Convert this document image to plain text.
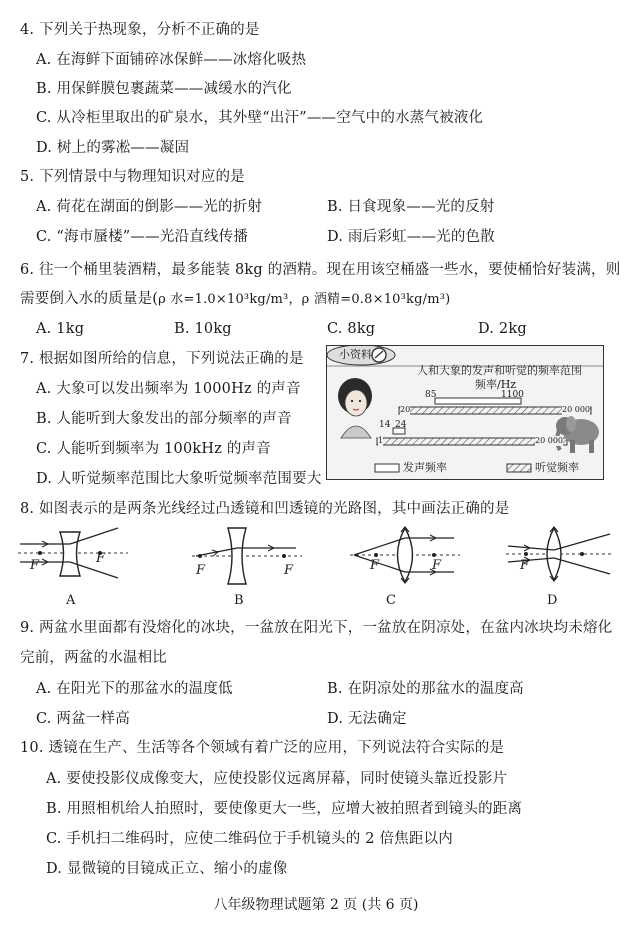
4. 下列关于热现象，分析不正确的是
A. 在海鲜下面铺碎冰保鲜——冰熔化吸热
B. 用保鲜膜包裹蔬菜——减缓水的汽化
C. 从冷柜里取出的矿泉水，其外壁“出汗”——空气中的水蒸气被液化
D. 树上的雾凇——凝固
5. 下列情景中与物理知识对应的是
A. 荷花在湖面的倒影——光的折射	B. 日食现象——光的反射
C. “海市蜃楼”——光沿直线传播	D. 雨后彩虹——光的色散
6. 往一个桶里装酒精，最多能装 8kg 的酒精。现在用该空桶盛一些水，要使桶恰好装满，则
需要倒入水的质量是(ρ 水=1.0×10³kg/m³，ρ 酒精=0.8×10³kg/m³)
A. 1kg	B. 10kg	C. 8kg	D. 2kg
7. 根据如图所给的信息，下列说法正确的是
A. 大象可以发出频率为 1000Hz 的声音
B. 人能听到大象发出的部分频率的声音
C. 人能听到频率为 100kHz 的声音
D. 人听觉频率范围比大象听觉频率范围要大
小资料
人和大象的发声和听觉的频率范围
频率/Hz
85	1100
20	20 000
14 24
1	20 000
发声频率	听觉频率
8. 如图表示的是两条光线经过凸透镜和凹透镜的光路图，其中画法正确的是
F	F
A
F	F
B
F	F
C
F
D
9. 两盆水里面都有没熔化的冰块，一盆放在阳光下，一盆放在阴凉处，在盆内冰块均未熔化
完前，两盆的水温相比
A. 在阳光下的那盆水的温度低	B. 在阴凉处的那盆水的温度高
C. 两盆一样高	D. 无法确定
10. 透镜在生产、生活等各个领域有着广泛的应用，下列说法符合实际的是
A. 要使投影仪成像变大，应使投影仪远离屏幕，同时使镜头靠近投影片
B. 用照相机给人拍照时，要使像更大一些，应增大被拍照者到镜头的距离
C. 手机扫二维码时，应使二维码位于手机镜头的 2 倍焦距以内
D. 显微镜的目镜成正立、缩小的虚像
八年级物理试题第 2 页 (共 6 页)
